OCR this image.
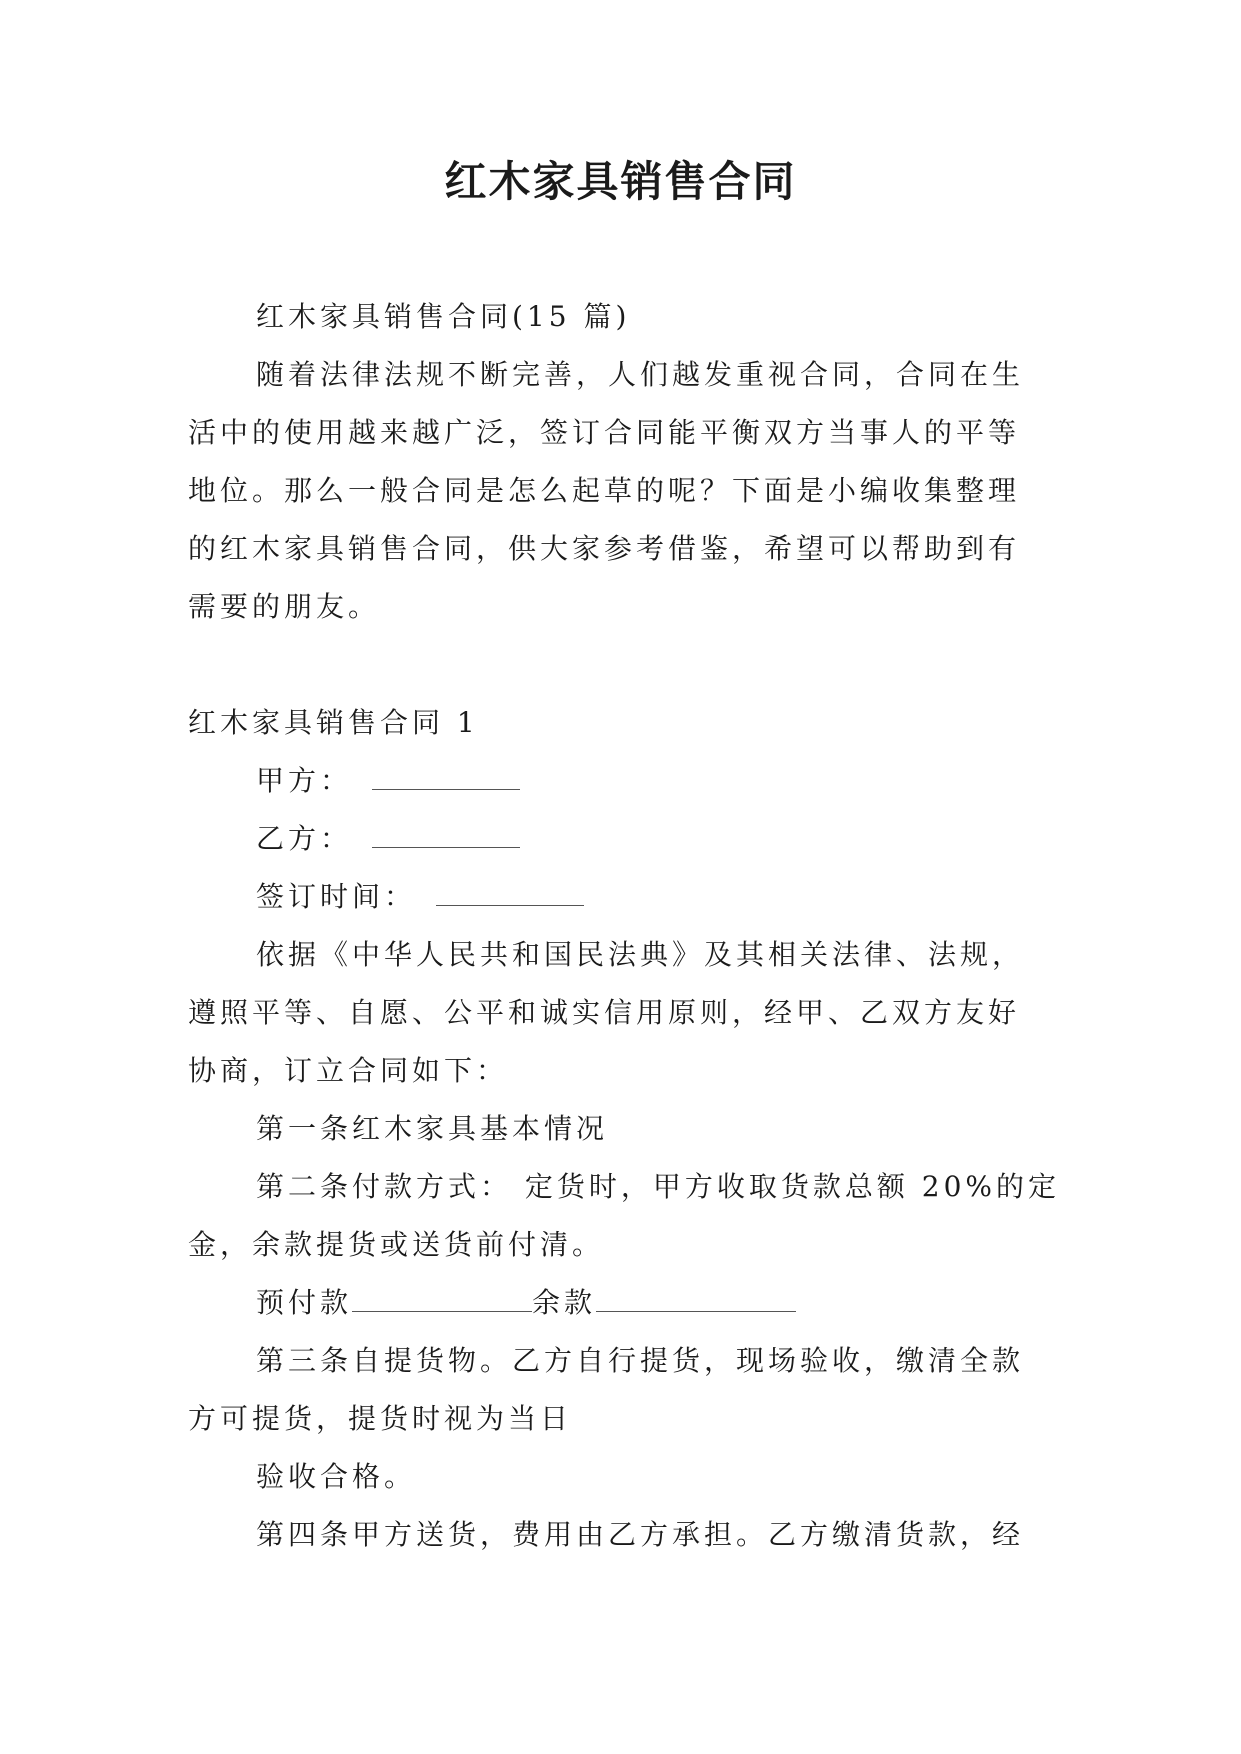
红木家具销售合同
红木家具销售合同(15 篇)
随着法律法规不断完善，人们越发重视合同，合同在生
活中的使用越来越广泛，签订合同能平衡双方当事人的平等
地位。那么一般合同是怎么起草的呢？下面是小编收集整理
的红木家具销售合同，供大家参考借鉴，希望可以帮助到有
需要的朋友。
红木家具销售合同 1
甲方：
乙方：
签订时间：
依据《中华人民共和国民法典》及其相关法律、法规，
遵照平等、自愿、公平和诚实信用原则，经甲、乙双方友好
协商，订立合同如下：
第一条红木家具基本情况
第二条付款方式： 定货时，甲方收取货款总额 20%的定
金，余款提货或送货前付清。
预付款	余款
第三条自提货物。乙方自行提货，现场验收，缴清全款
方可提货，提货时视为当日
验收合格。
第四条甲方送货，费用由乙方承担。乙方缴清货款，经
